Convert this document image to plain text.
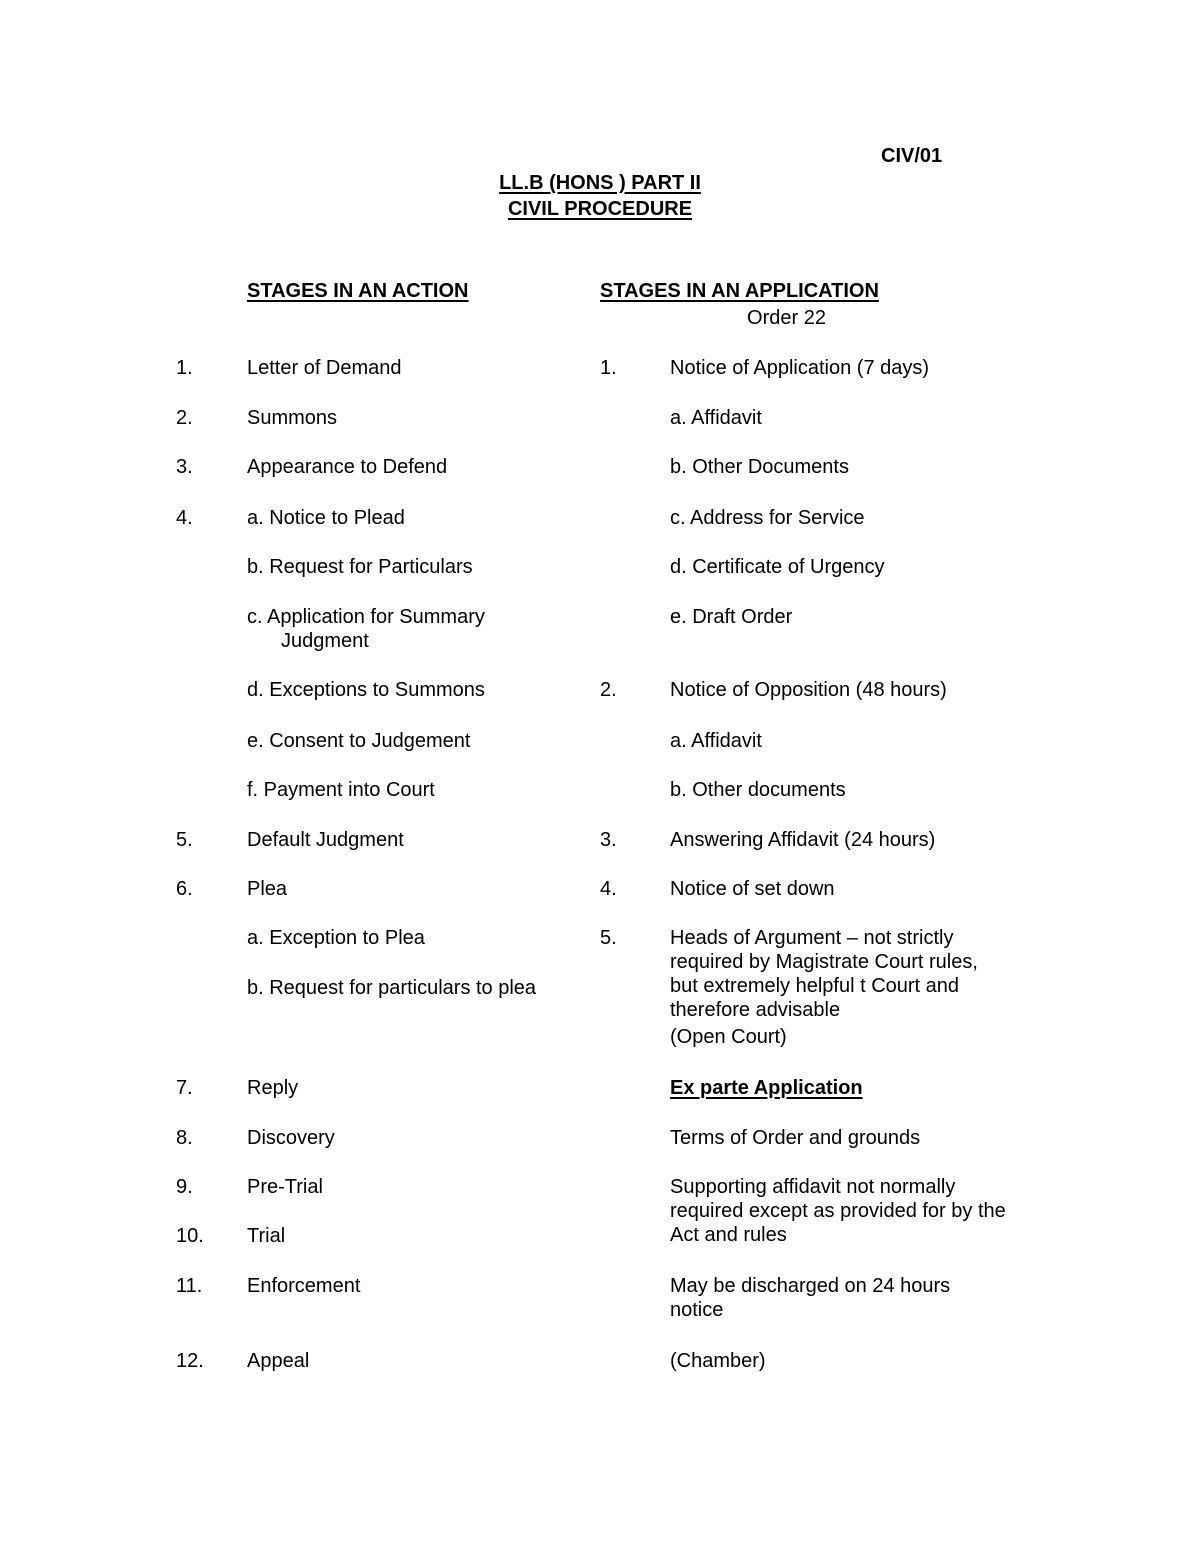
CIV/01
LL.B (HONS ) PART II
CIVIL PROCEDURE
STAGES IN AN ACTION	STAGES IN AN APPLICATION
Order 22
1.	Letter of Demand
2.	Summons
3.	Appearance to Defend
4.	a. Notice to Plead
b. Request for Particulars
c. Application for Summary
Judgment
d. Exceptions to Summons
e. Consent to Judgement
f. Payment into Court
5.	Default Judgment
6.	Plea
a. Exception to Plea
b. Request for particulars to plea
7.	Reply
8.	Discovery
9.	Pre-Trial
10. Trial
11. Enforcement
12. Appeal
1.	Notice of Application (7 days)
a. Affidavit
b. Other Documents
c. Address for Service
d. Certificate of Urgency
e. Draft Order
2.	Notice of Opposition (48 hours)
a. Affidavit
b. Other documents
3.	Answering Affidavit (24 hours)
4.	Notice of set down
5.	Heads of Argument – not strictly required by Magistrate Court rules, but extremely helpful t Court and therefore advisable
(Open Court)
Ex parte Application
Terms of Order and grounds
Supporting affidavit not normally required except as provided for by the Act and rules
May be discharged on 24 hours notice
(Chamber)
